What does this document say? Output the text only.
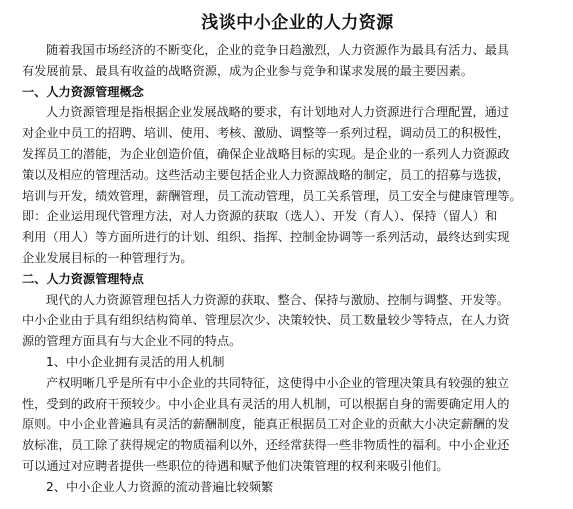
浅谈中小企业的人力资源
随着我国市场经济的不断变化，企业的竞争日趋激烈，人力资源作为最具有活力、最具
有发展前景、最具有收益的战略资源，成为企业参与竞争和谋求发展的最主要因素。
一、人力资源管理概念
人力资源管理是指根据企业发展战略的要求，有计划地对人力资源进行合理配置，通过
对企业中员工的招聘、培训、使用、考核、激励、调整等一系列过程，调动员工的积极性，
发挥员工的潜能，为企业创造价值，确保企业战略目标的实现。是企业的一系列人力资源政
策以及相应的管理活动。这些活动主要包括企业人力资源战略的制定，员工的招募与选拔，
培训与开发，绩效管理，薪酬管理，员工流动管理，员工关系管理，员工安全与健康管理等。
即：企业运用现代管理方法，对人力资源的获取（选人）、开发（育人）、保持（留人）和
利用（用人）等方面所进行的计划、组织、指挥、控制金协调等一系列活动，最终达到实现
企业发展目标的一种管理行为。
二、人力资源管理特点
现代的人力资源管理包括人力资源的获取、整合、保持与激励、控制与调整、开发等。
中小企业由于具有组织结构简单、管理层次少、决策较快、员工数量较少等特点，在人力资
源的管理方面具有与大企业不同的特点。
1、中小企业拥有灵活的用人机制
产权明晰几乎是所有中小企业的共同特征，这使得中小企业的管理决策具有较强的独立
性，受到的政府干预较少。中小企业具有灵活的用人机制，可以根据自身的需要确定用人的
原则。中小企业普遍具有灵活的薪酬制度，能真正根据员工对企业的贡献大小决定薪酬的发
放标准，员工除了获得规定的物质福利以外，还经常获得一些非物质性的福利。中小企业还
可以通过对应聘者提供一些职位的待遇和赋予他们决策管理的权利来吸引他们。
2、中小企业人力资源的流动普遍比较频繁
